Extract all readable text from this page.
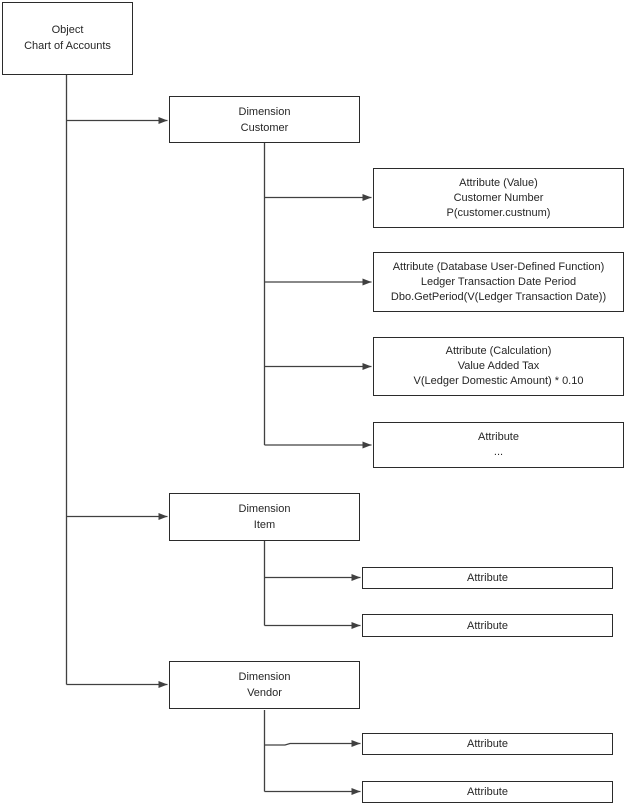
Object
Chart of Accounts
Dimension
Customer
Attribute (Value)
Customer Number
P(customer.custnum)
Attribute (Database User-Defined Function)
Ledger Transaction Date Period
Dbo.GetPeriod(V(Ledger Transaction Date))
Attribute (Calculation)
Value Added Tax
V(Ledger Domestic Amount) * 0.10
Attribute
...
Dimension
Item
Attribute
Attribute
Dimension
Vendor
Attribute
Attribute
